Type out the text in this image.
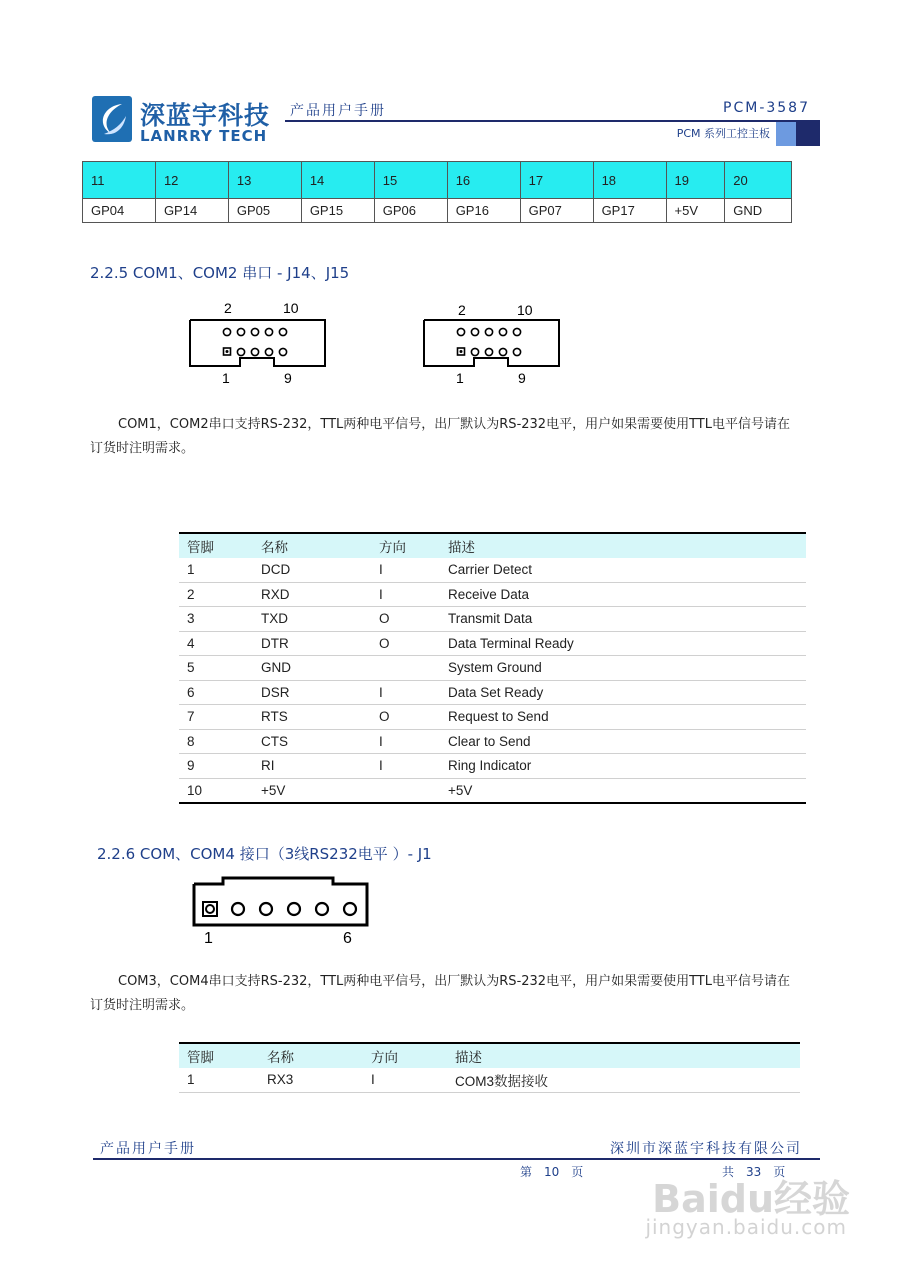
深蓝宇科技
LANRRY TECH
产品用户手册	PCM-3587
PCM 系列工控主板
11	12	13	14	15	16	17	18	19	20
GP04	GP14	GP05	GP15	GP06	GP16	GP07	GP17	+5V	GND
2.2.5 COM1、COM2 串口 - J14、J15
2	10
1	9
2	10
1	9
COM1，COM2串口支持RS-232，TTL两种电平信号，出厂默认为RS-232电平，用户如果需要使用TTL电平信号请在
订货时注明需求。
管脚	名称	方向	描述
1	DCD	I	Carrier Detect
2	RXD	I	Receive Data
3	TXD	O	Transmit Data
4	DTR	O	Data Terminal Ready
5	GND		System Ground
6	DSR	I	Data Set Ready
7	RTS	O	Request to Send
8	CTS	I	Clear to Send
9	RI	I	Ring Indicator
10	+5V		+5V
2.2.6 COM、COM4 接口（3线RS232电平 ）- J1
1	6
COM3，COM4串口支持RS-232，TTL两种电平信号，出厂默认为RS-232电平，用户如果需要使用TTL电平信号请在
订货时注明需求。
管脚	名称	方向	描述
1	RX3	I	COM3数据接收
产品用户手册	深圳市深蓝宇科技有限公司
第　10　页	共　33　页
Baidu经验
jingyan.baidu.com
